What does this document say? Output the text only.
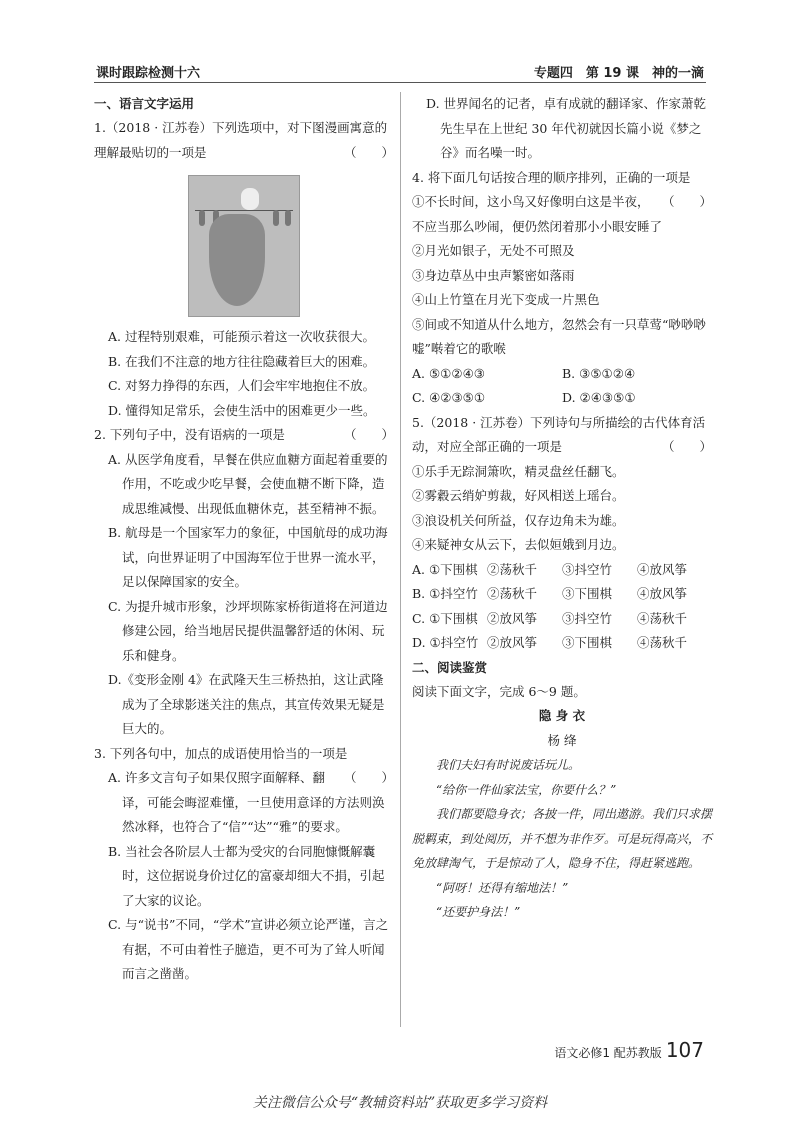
课时跟踪检测十六	专题四　第 19 课　神的一滴
一、语言文字运用

1.（2018 · 江苏卷）下列选项中，对下图漫画寓意的理解最贴切的一项是	（　　）

A. 过程特别艰难，可能预示着这一次收获很大。

B. 在我们不注意的地方往往隐藏着巨大的困难。

C. 对努力挣得的东西，人们会牢牢地抱住不放。

D. 懂得知足常乐，会使生活中的困难更少一些。

2. 下列句子中，没有语病的一项是	（　　）

A. 从医学角度看，早餐在供应血糖方面起着重要的作用，不吃或少吃早餐，会使血糖不断下降，造成思维减慢、出现低血糖休克，甚至精神不振。

B. 航母是一个国家军力的象征，中国航母的成功海试，向世界证明了中国海军位于世界一流水平，足以保障国家的安全。

C. 为提升城市形象，沙坪坝陈家桥街道将在河道边修建公园，给当地居民提供温馨舒适的休闲、玩乐和健身。

D.《变形金刚 4》在武隆天生三桥热拍，这让武隆成为了全球影迷关注的焦点，其宣传效果无疑是巨大的。

3. 下列各句中，加点的成语使用恰当的一项是
（　　）

A. 许多文言句子如果仅照字面解释、翻译，可能会晦涩难懂，一旦使用意译的方法则涣然冰释，也符合了“信”“达”“雅”的要求。

B. 当社会各阶层人士都为受灾的台同胞慷慨解囊时，这位据说身价过亿的富豪却细大不捐，引起了大家的议论。

C. 与“说书”不同，“学术”宣讲必须立论严谨，言之有据，不可由着性子臆造，更不可为了耸人听闻而言之凿凿。

D. 世界闻名的记者，卓有成就的翻译家、作家萧乾先生早在上世纪 30 年代初就因长篇小说《梦之谷》而名噪一时。

4. 将下面几句话按合理的顺序排列，正确的一项是
（　　）

①不长时间，这小鸟又好像明白这是半夜，不应当那么吵闹，便仍然闭着那小小眼安睡了

②月光如银子，无处不可照及

③身边草丛中虫声繁密如落雨

④山上竹篁在月光下变成一片黑色

⑤间或不知道从什么地方，忽然会有一只草莺“唦唦唦嘘”啭着它的歌喉

A. ⑤①②④③	B. ③⑤①②④

C. ④②③⑤①	D. ②④③⑤①

5.（2018 · 江苏卷）下列诗句与所描绘的古代体育活动，对应全部正确的一项是	（　　）

①乐手无踪洞箫吹，精灵盘丝任翻飞。

②雾縠云绡妒剪裁，好风相送上瑶台。

③浪设机关何所益，仅存边角未为雄。

④来疑神女从云下，去似姮娥到月边。

A. ①下围棋 ②荡秋千	③抖空竹	④放风筝

B. ①抖空竹 ②荡秋千	③下围棋	④放风筝

C. ①下围棋 ②放风筝	③抖空竹	④荡秋千

D. ①抖空竹 ②放风筝	③下围棋	④荡秋千

二、阅读鉴赏

阅读下面文字，完成 6～9 题。

隐 身 衣

杨 绛

我们夫妇有时说废话玩儿。

“给你一件仙家法宝，你要什么？”

我们都要隐身衣；各披一件，同出遨游。我们只求摆脱羁束，到处阅历，并不想为非作歹。可是玩得高兴，不免放肆淘气，于是惊动了人，隐身不住，得赶紧逃跑。

“阿呀！还得有缩地法！”

“还要护身法！”

语文必修1 配苏教版 107
关注微信公众号“教辅资料站”获取更多学习资料
